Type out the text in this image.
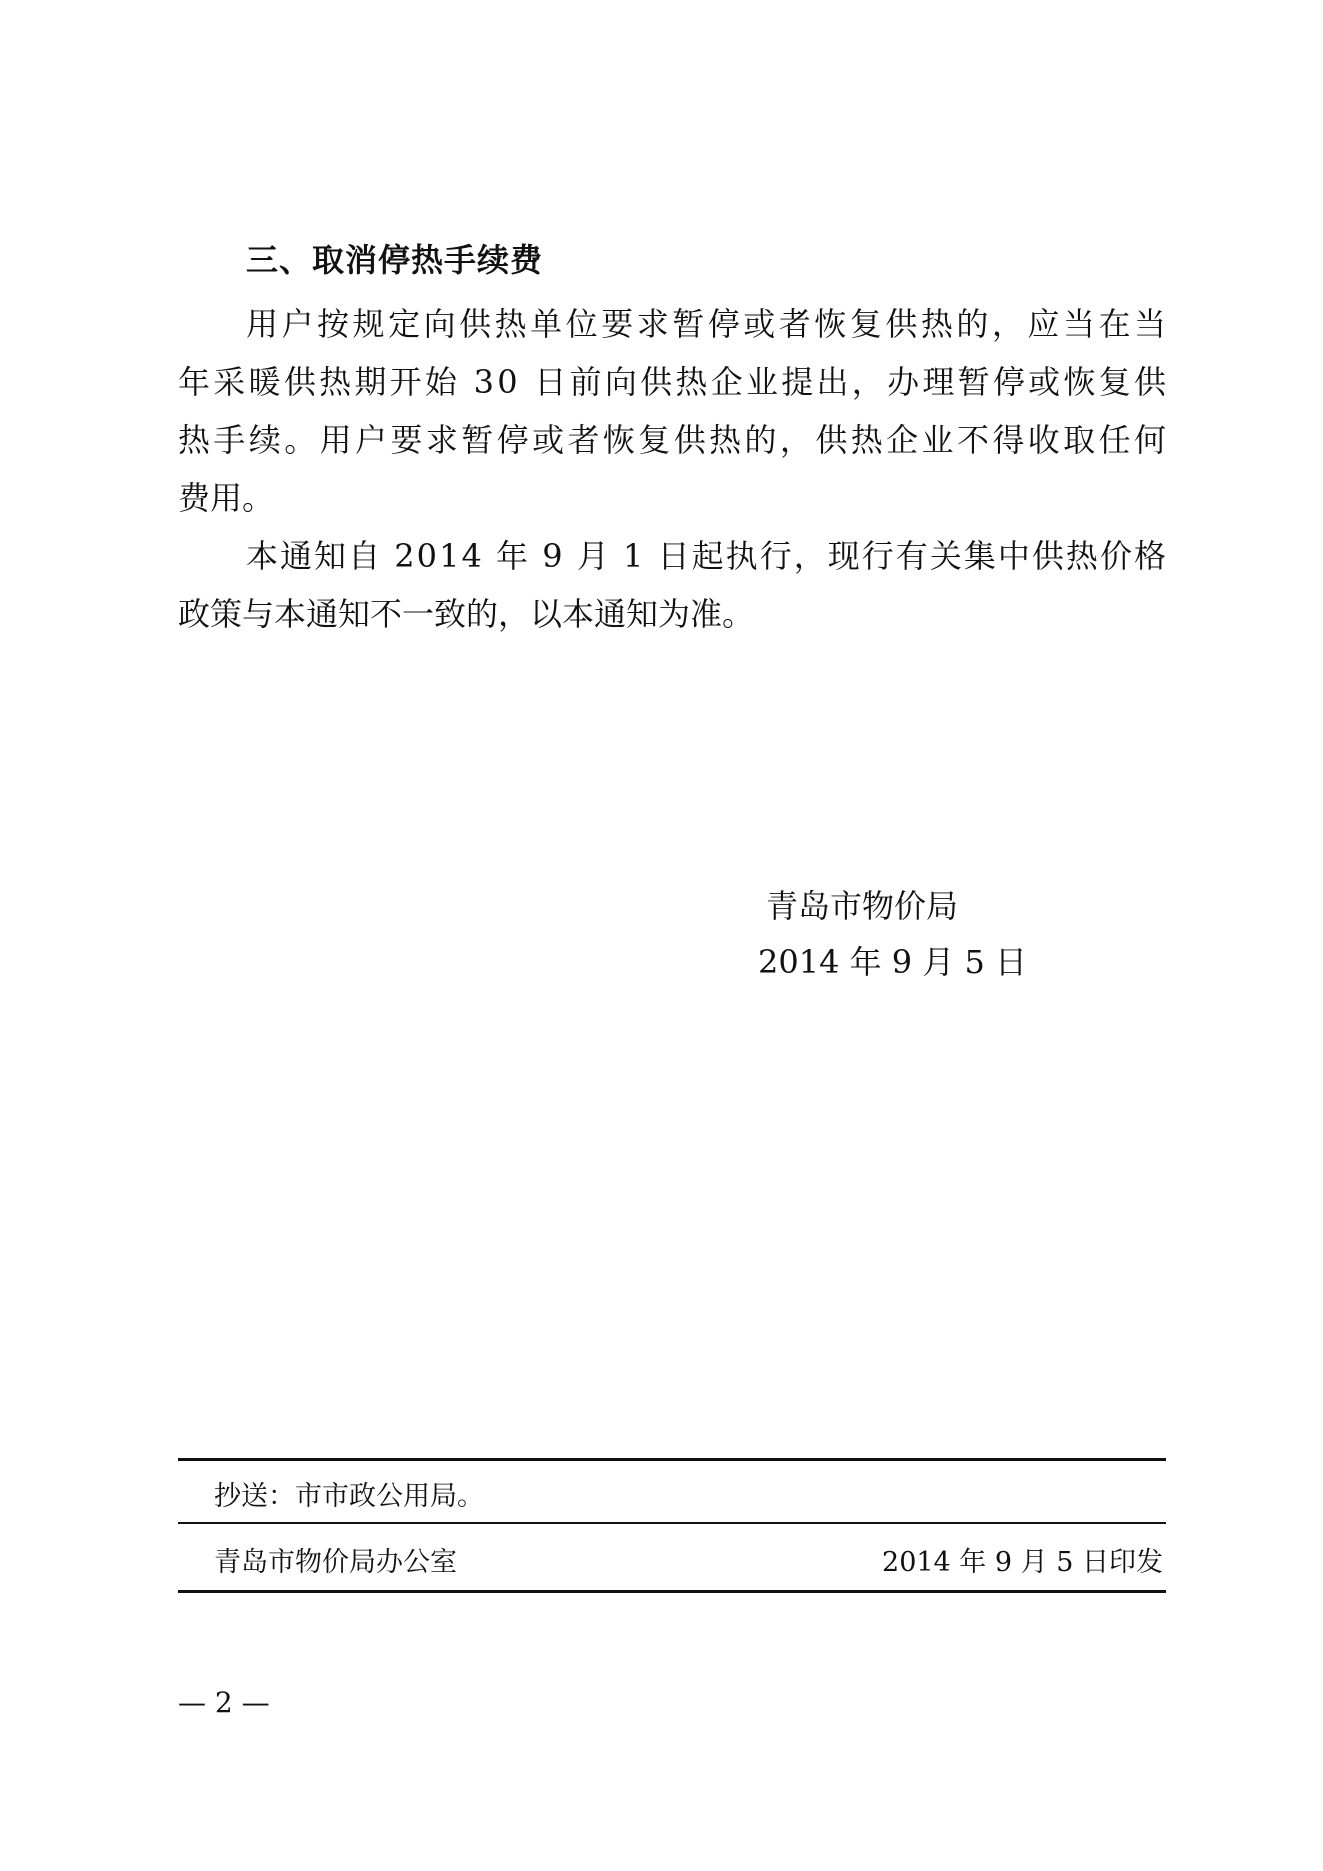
三、取消停热手续费
用户按规定向供热单位要求暂停或者恢复供热的，应当在当
年采暖供热期开始 30 日前向供热企业提出，办理暂停或恢复供
热手续。用户要求暂停或者恢复供热的，供热企业不得收取任何
费用。
本通知自 2014 年 9 月 1 日起执行，现行有关集中供热价格
政策与本通知不一致的，以本通知为准。
青岛市物价局
2014 年 9 月 5 日
抄送：市市政公用局。
青岛市物价局办公室	2014 年 9 月 5 日印发
— 2 —
